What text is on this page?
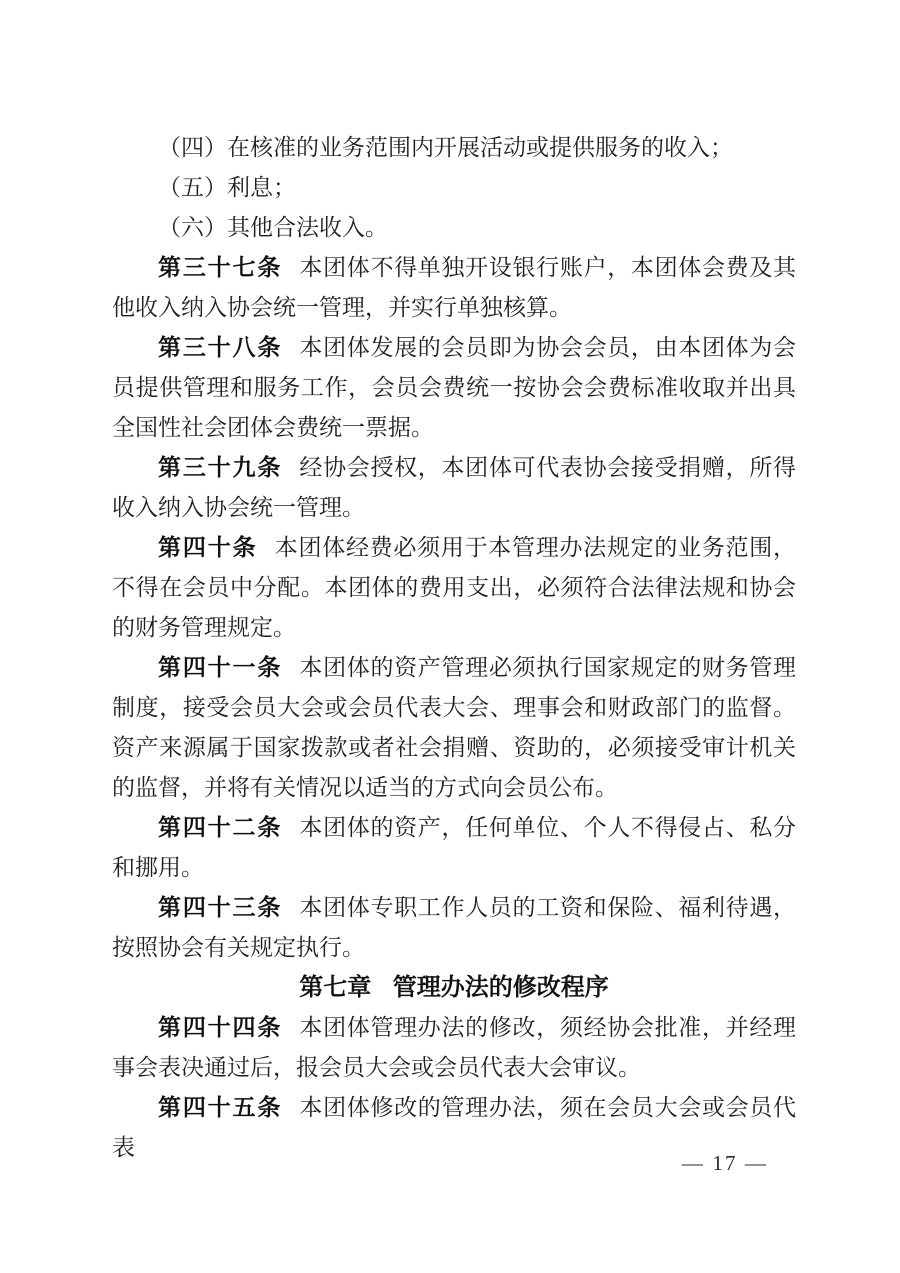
（四）在核准的业务范围内开展活动或提供服务的收入；

（五）利息；

（六）其他合法收入。

第三十七条 本团体不得单独开设银行账户，本团体会费及其他收入纳入协会统一管理，并实行单独核算。

第三十八条 本团体发展的会员即为协会会员，由本团体为会员提供管理和服务工作，会员会费统一按协会会费标准收取并出具全国性社会团体会费统一票据。

第三十九条 经协会授权，本团体可代表协会接受捐赠，所得收入纳入协会统一管理。

第四十条 本团体经费必须用于本管理办法规定的业务范围，不得在会员中分配。本团体的费用支出，必须符合法律法规和协会的财务管理规定。

第四十一条 本团体的资产管理必须执行国家规定的财务管理制度，接受会员大会或会员代表大会、理事会和财政部门的监督。资产来源属于国家拨款或者社会捐赠、资助的，必须接受审计机关的监督，并将有关情况以适当的方式向会员公布。

第四十二条 本团体的资产，任何单位、个人不得侵占、私分和挪用。

第四十三条 本团体专职工作人员的工资和保险、福利待遇，按照协会有关规定执行。

第七章 管理办法的修改程序

第四十四条 本团体管理办法的修改，须经协会批准，并经理事会表决通过后，报会员大会或会员代表大会审议。

第四十五条 本团体修改的管理办法，须在会员大会或会员代表

— 17 —
